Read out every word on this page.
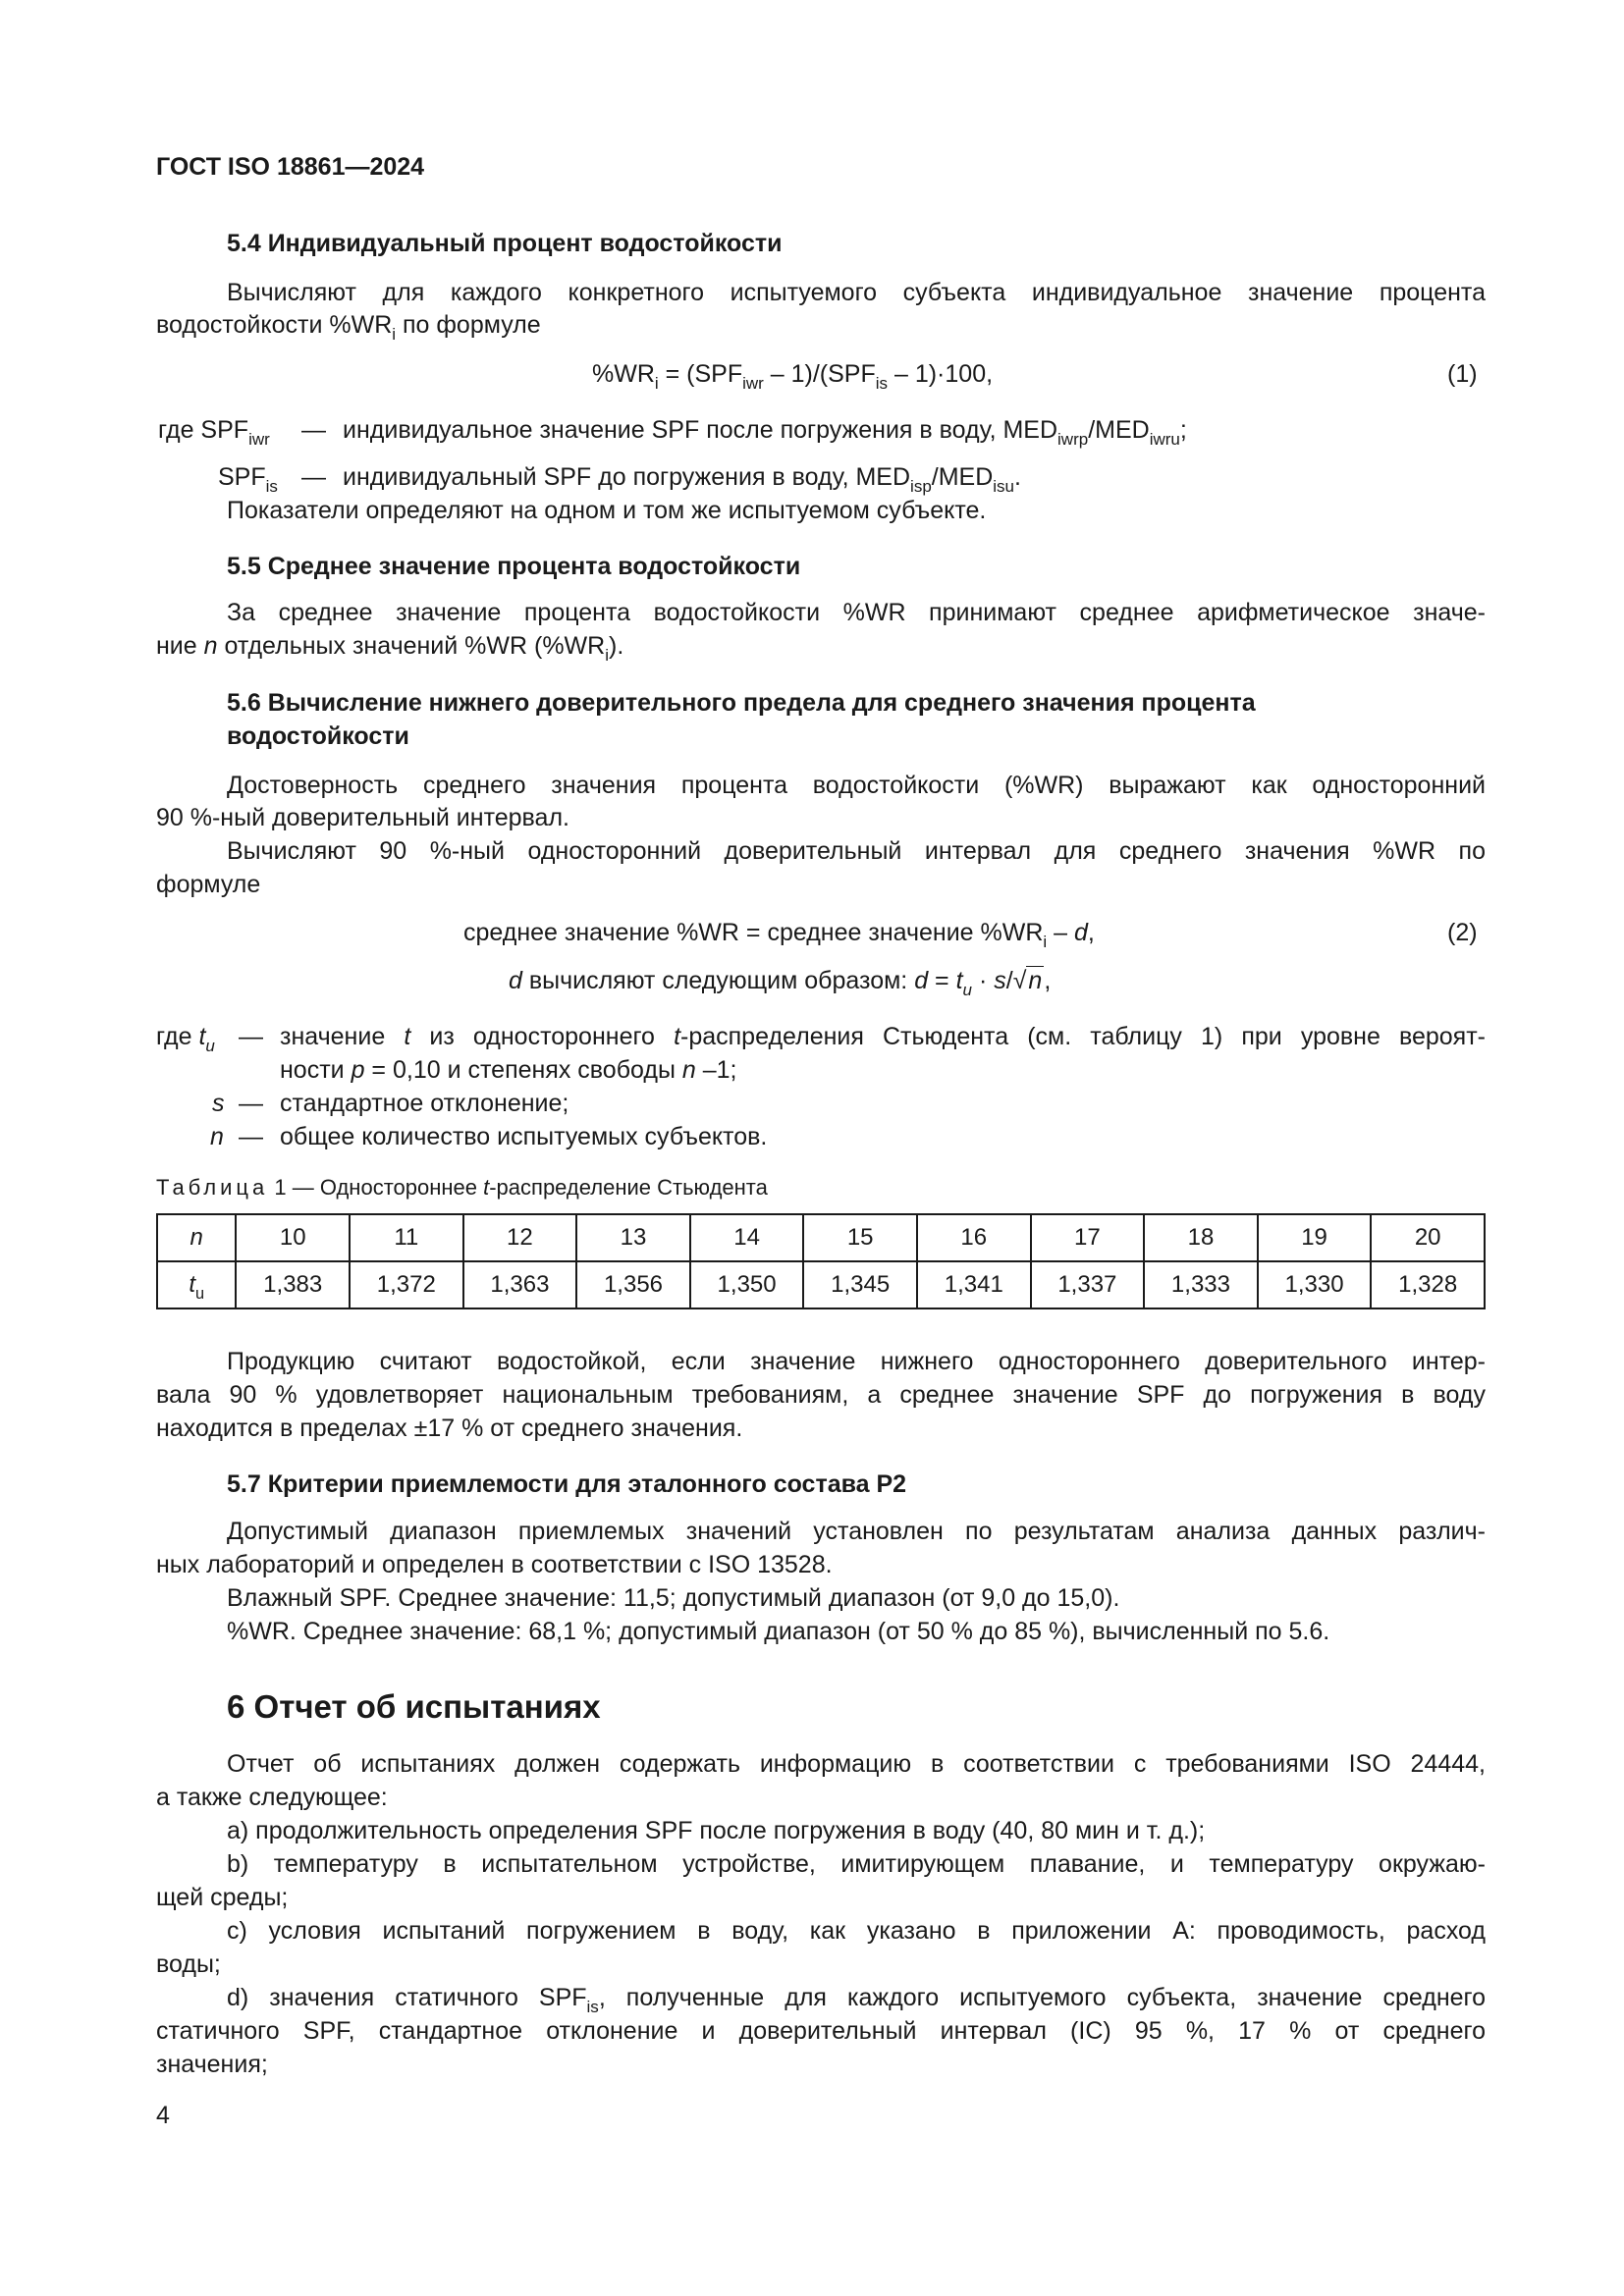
ГОСТ ISO 18861—2024
5.4 Индивидуальный процент водостойкости
Вычисляют для каждого конкретного испытуемого субъекта индивидуальное значение процента
водостойкости $\%WR_i$ по формуле
$\%WR_i = (SPF_{iwr} - 1)/(SPF_{is} - 1)\cdot 100$,	(1)
где $SPF_{iwr}$ — индивидуальное значение SPF после погружения в воду, $MED_{iwrp}/MED_{iwru}$;
$SPF_{is}$ — индивидуальный SPF до погружения в воду, $MED_{isp}/MED_{isu}$.
Показатели определяют на одном и том же испытуемом субъекте.
5.5 Среднее значение процента водостойкости
За среднее значение процента водостойкости %WR принимают среднее арифметическое значе-
ние n отдельных значений %WR $(\%WR_i)$.
5.6 Вычисление нижнего доверительного предела для среднего значения процента
водостойкости
Достоверность среднего значения процента водостойкости (%WR) выражают как односторонний
90 %-ный доверительный интервал.
Вычисляют 90 %-ный односторонний доверительный интервал для среднего значения %WR по
формуле
среднее значение %WR = среднее значение $\%WR_i$ – d,	(2)
d вычисляют следующим образом: $d = t_u \cdot s/√n$,
где $t_u$ — значение t из одностороннего t-распределения Стьюдента (см. таблицу 1) при уровне вероят-
ности p = 0,10 и степенях свободы n –1;
s — стандартное отклонение;
n — общее количество испытуемых субъектов.
Таблица 1 — Одностороннее t-распределение Стьюдента
n	10	11	12	13	14	15	16	17	18	19	20
$t_u$	1,383	1,372	1,363	1,356	1,350	1,345	1,341	1,337	1,333	1,330	1,328
Продукцию считают водостойкой, если значение нижнего одностороннего доверительного интер-
вала 90 % удовлетворяет национальным требованиям, а среднее значение SPF до погружения в воду
находится в пределах ±17 % от среднего значения.
5.7 Критерии приемлемости для эталонного состава P2
Допустимый диапазон приемлемых значений установлен по результатам анализа данных различ-
ных лабораторий и определен в соответствии с ISO 13528.
Влажный SPF. Среднее значение: 11,5; допустимый диапазон (от 9,0 до 15,0).
%WR. Среднее значение: 68,1 %; допустимый диапазон (от 50 % до 85 %), вычисленный по 5.6.
6 Отчет об испытаниях
Отчет об испытаниях должен содержать информацию в соответствии с требованиями ISO 24444,
а также следующее:
a) продолжительность определения SPF после погружения в воду (40, 80 мин и т. д.);
b) температуру в испытательном устройстве, имитирующем плавание, и температуру окружаю-
щей среды;
c) условия испытаний погружением в воду, как указано в приложении А: проводимость, расход
воды;
d) значения статичного $SPF_{is}$, полученные для каждого испытуемого субъекта, значение среднего
статичного SPF, стандартное отклонение и доверительный интервал (IC) 95 %, 17 % от среднего
значения;
4
